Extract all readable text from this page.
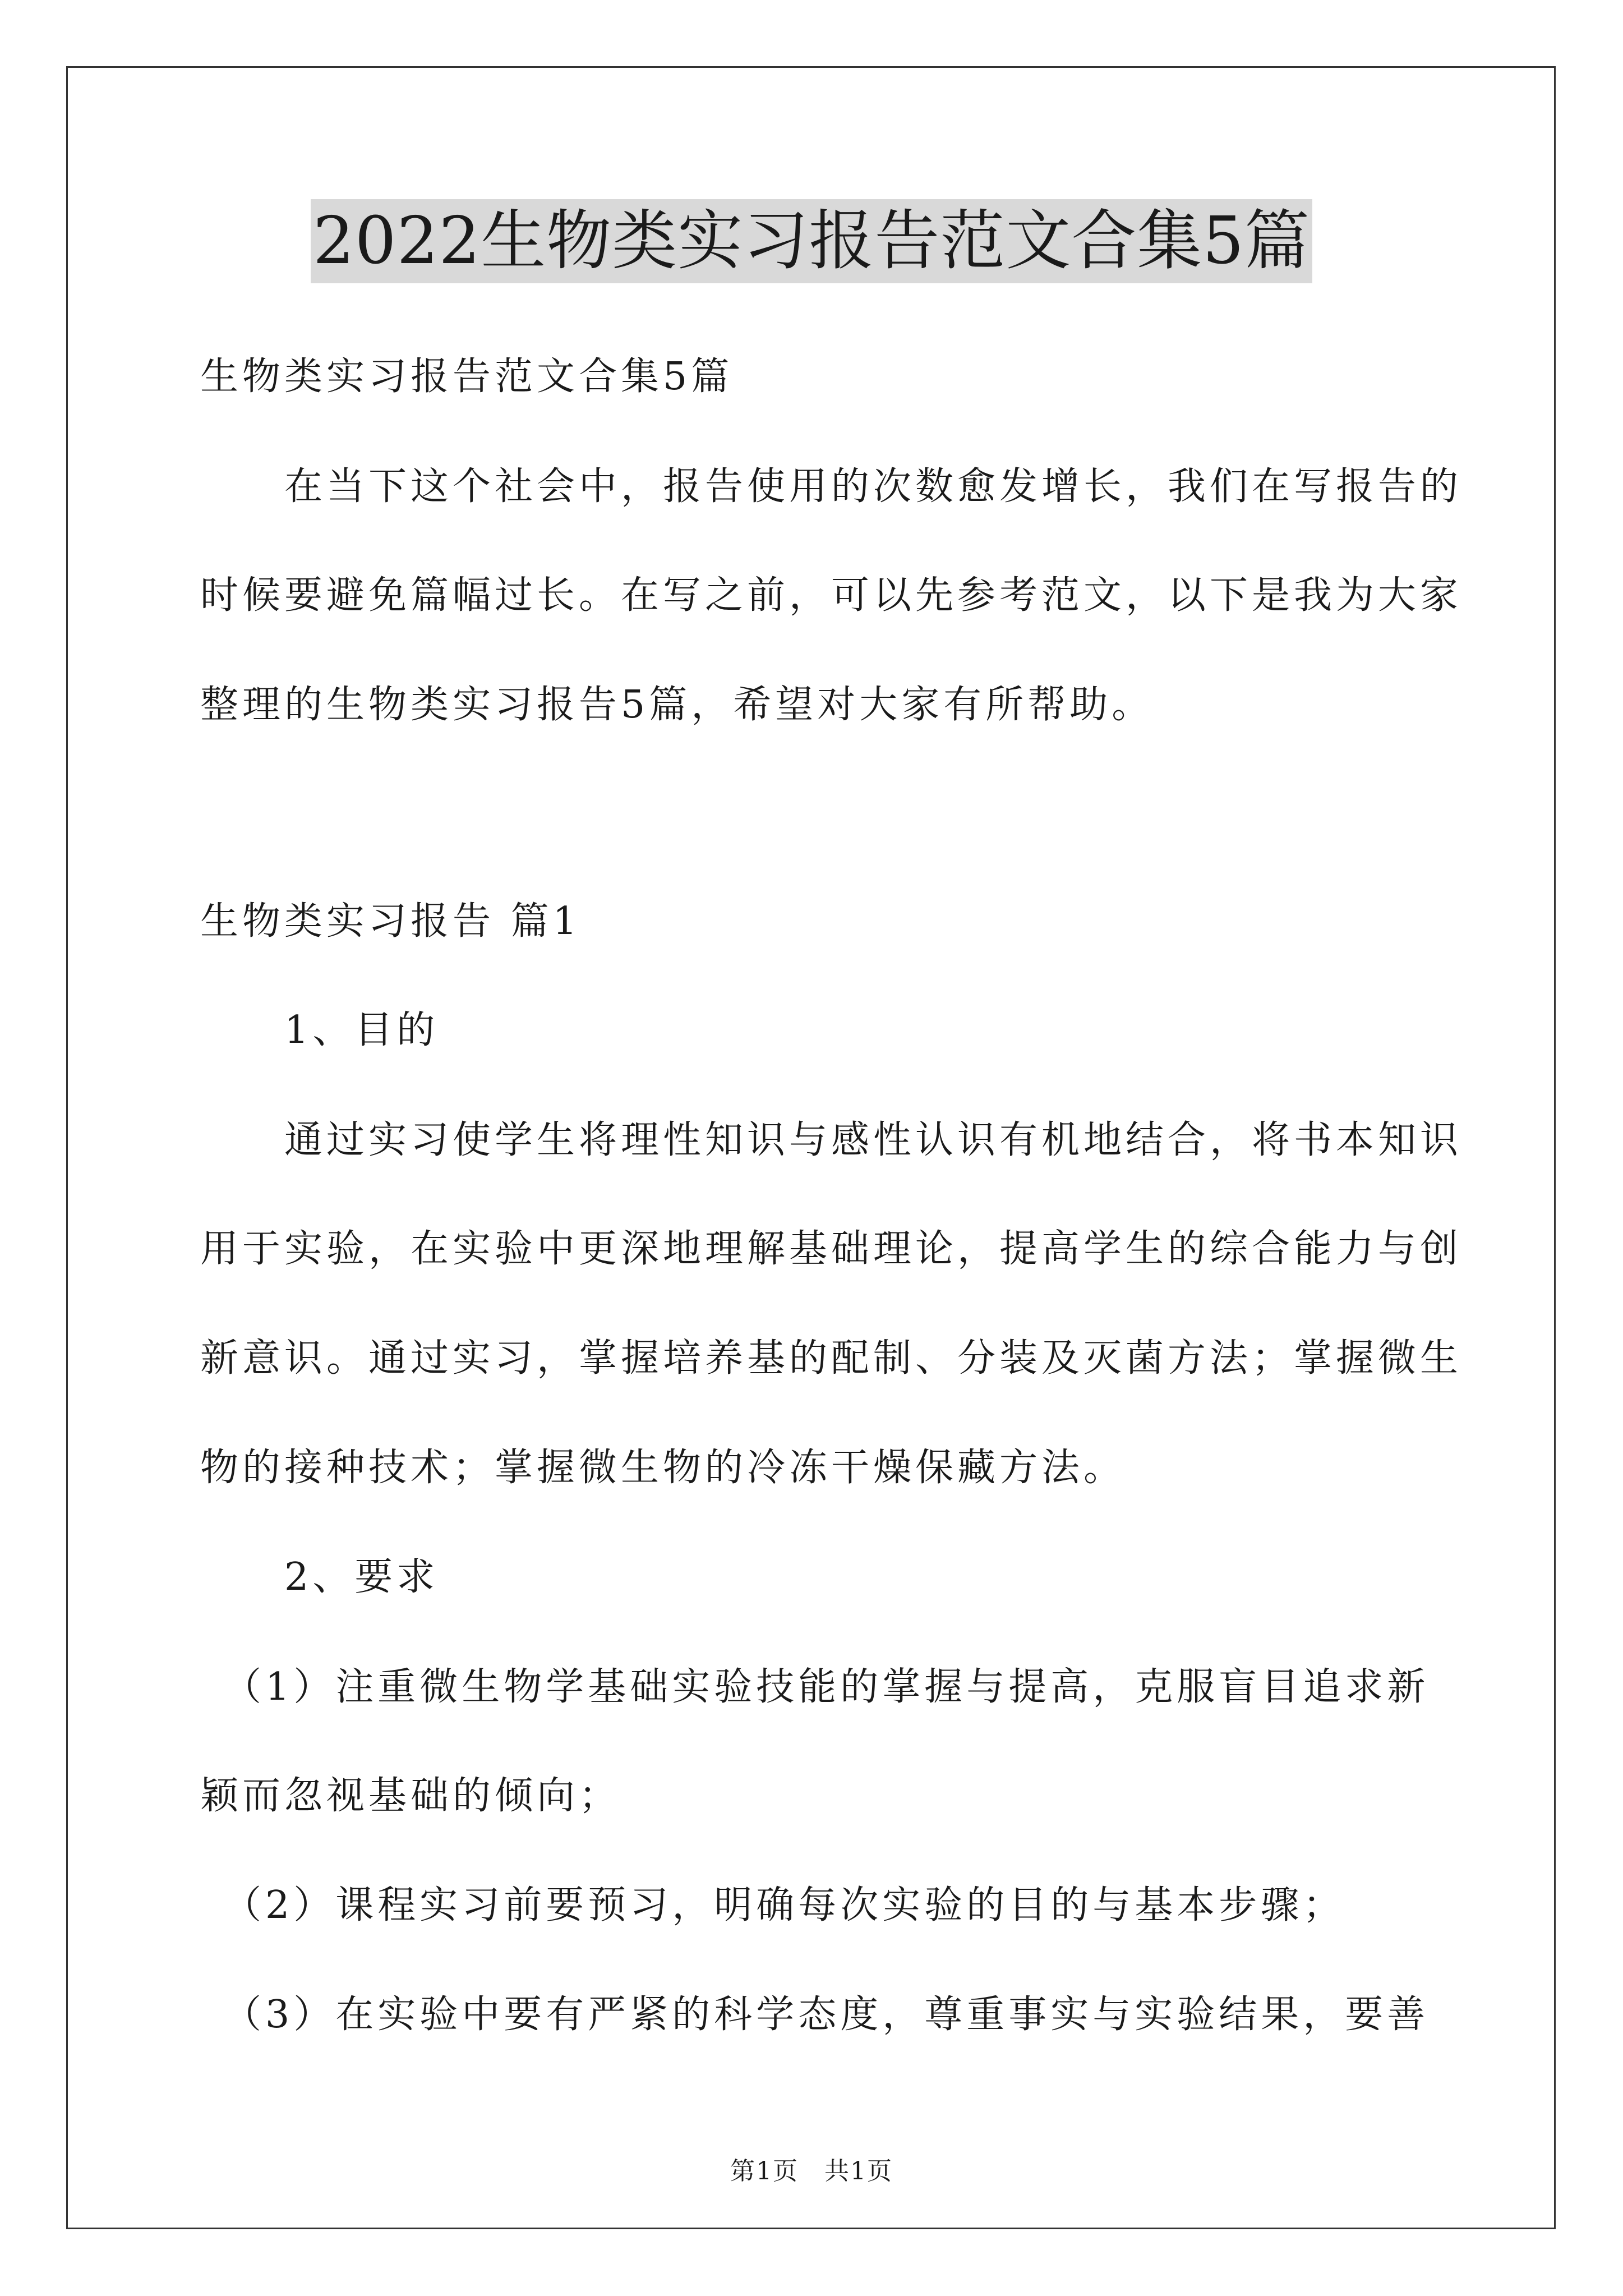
2022生物类实习报告范文合集5篇
生物类实习报告范文合集5篇
　　在当下这个社会中，报告使用的次数愈发增长，我们在写报告的
时候要避免篇幅过长。在写之前，可以先参考范文，以下是我为大家
整理的生物类实习报告5篇，希望对大家有所帮助。
生物类实习报告 篇1
　　1、目的
　　通过实习使学生将理性知识与感性认识有机地结合，将书本知识
用于实验，在实验中更深地理解基础理论，提高学生的综合能力与创
新意识。通过实习，掌握培养基的配制、分装及灭菌方法；掌握微生
物的接种技术；掌握微生物的冷冻干燥保藏方法。
　　2、要求
　（1）注重微生物学基础实验技能的掌握与提高，克服盲目追求新
颖而忽视基础的倾向；
　（2）课程实习前要预习，明确每次实验的目的与基本步骤；
　（3）在实验中要有严紧的科学态度，尊重事实与实验结果，要善
第1页　共1页
